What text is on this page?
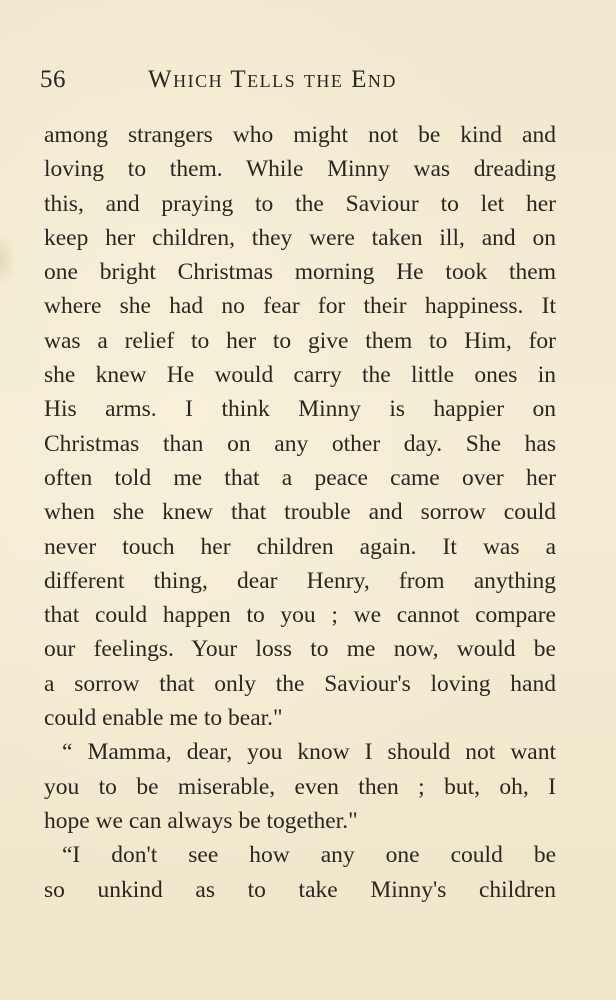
56	Which Tells the End
among strangers who might not be kind and
loving to them. While Minny was dreading
this, and praying to the Saviour to let her
keep her children, they were taken ill, and on
one bright Christmas morning He took them
where she had no fear for their happiness. It
was a relief to her to give them to Him, for
she knew He would carry the little ones in
His arms. I think Minny is happier on
Christmas than on any other day. She has
often told me that a peace came over her
when she knew that trouble and sorrow could
never touch her children again. It was a
different thing, dear Henry, from anything
that could happen to you ; we cannot compare
our feelings. Your loss to me now, would be
a sorrow that only the Saviour's loving hand
could enable me to bear."
“ Mamma, dear, you know I should not want
you to be miserable, even then ; but, oh, I
hope we can always be together."
“I don't see how any one could be
so unkind as to take Minny's children
